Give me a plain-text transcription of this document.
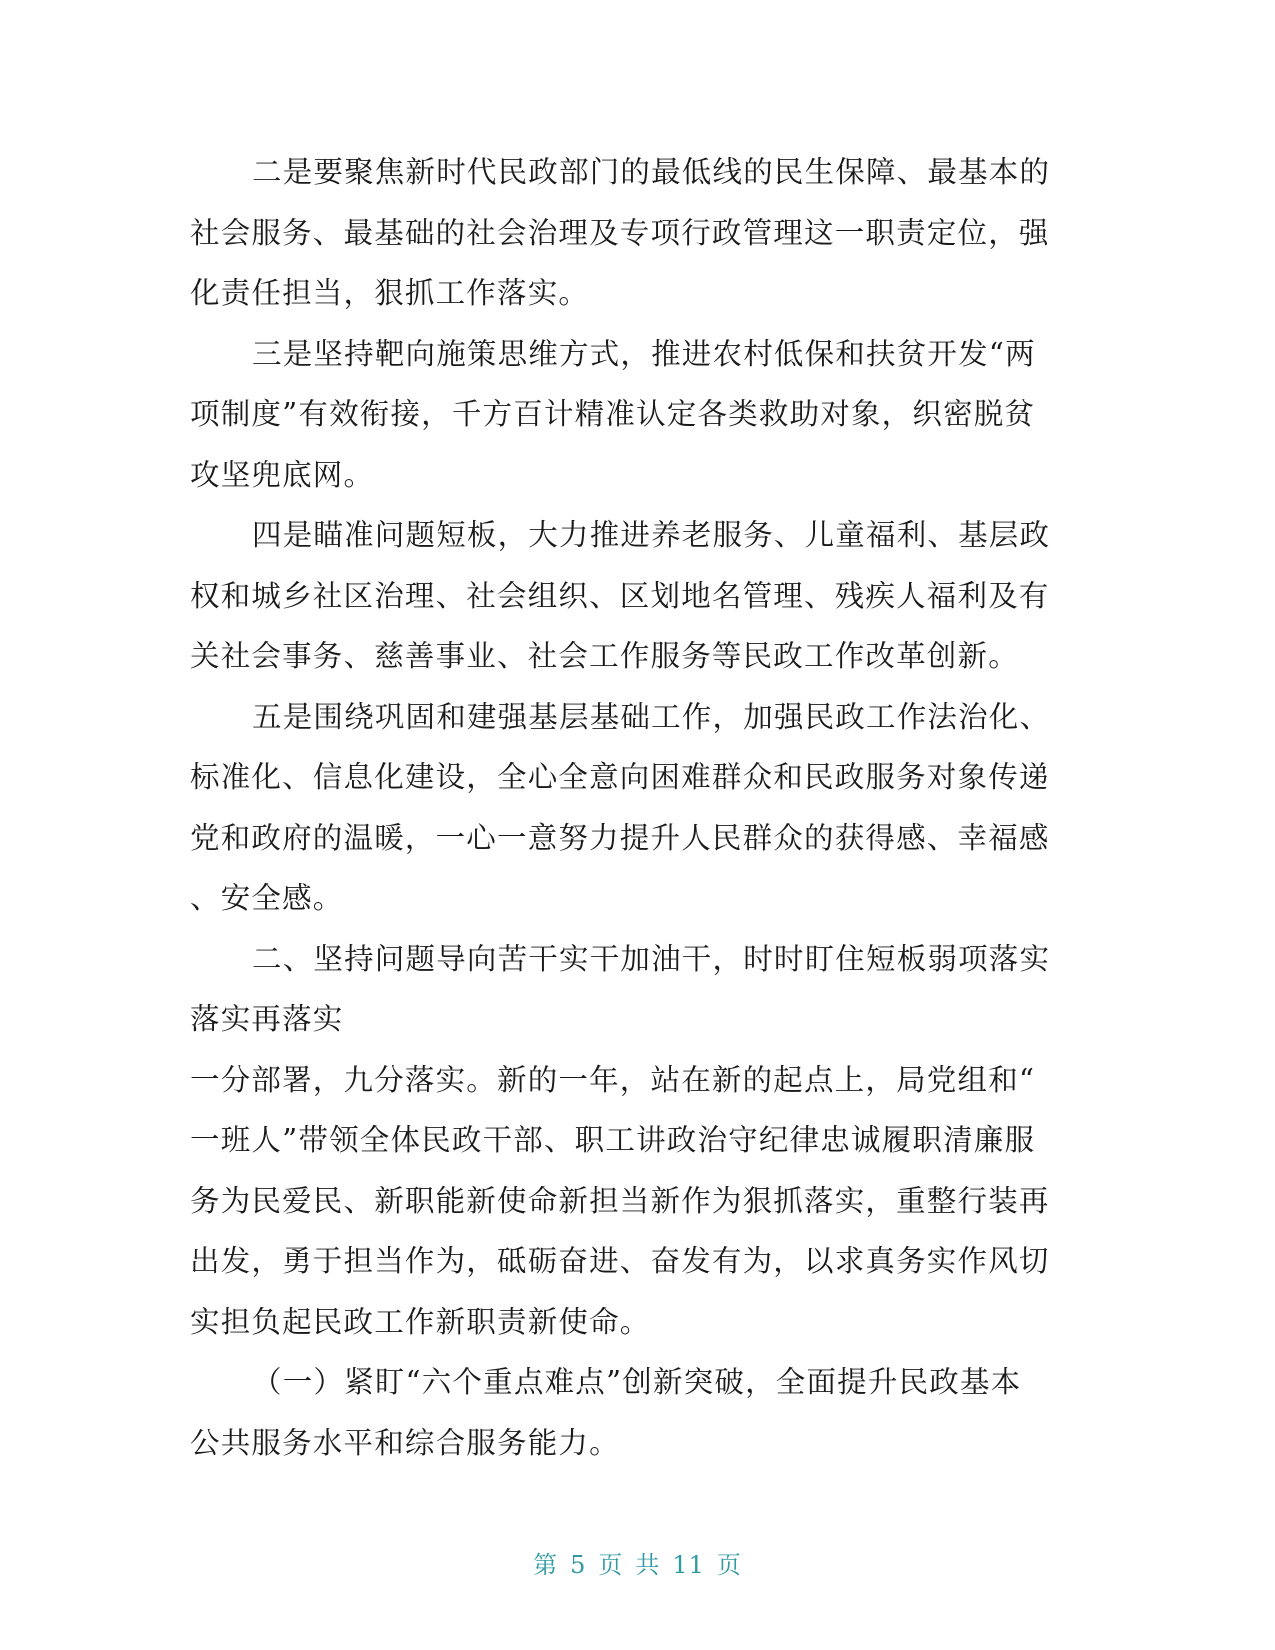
二是要聚焦新时代民政部门的最低线的民生保障、最基本的
社会服务、最基础的社会治理及专项行政管理这一职责定位，强
化责任担当，狠抓工作落实。
三是坚持靶向施策思维方式，推进农村低保和扶贫开发“两
项制度”有效衔接，千方百计精准认定各类救助对象，织密脱贫
攻坚兜底网。
四是瞄准问题短板，大力推进养老服务、儿童福利、基层政
权和城乡社区治理、社会组织、区划地名管理、残疾人福利及有
关社会事务、慈善事业、社会工作服务等民政工作改革创新。
五是围绕巩固和建强基层基础工作，加强民政工作法治化、
标准化、信息化建设，全心全意向困难群众和民政服务对象传递
党和政府的温暖，一心一意努力提升人民群众的获得感、幸福感
、安全感。
二、坚持问题导向苦干实干加油干，时时盯住短板弱项落实
落实再落实
一分部署，九分落实。新的一年，站在新的起点上，局党组和“
一班人”带领全体民政干部、职工讲政治守纪律忠诚履职清廉服
务为民爱民、新职能新使命新担当新作为狠抓落实，重整行装再
出发，勇于担当作为，砥砺奋进、奋发有为，以求真务实作风切
实担负起民政工作新职责新使命。
（一）紧盯“六个重点难点”创新突破，全面提升民政基本
公共服务水平和综合服务能力。
第 5 页 共 11 页
